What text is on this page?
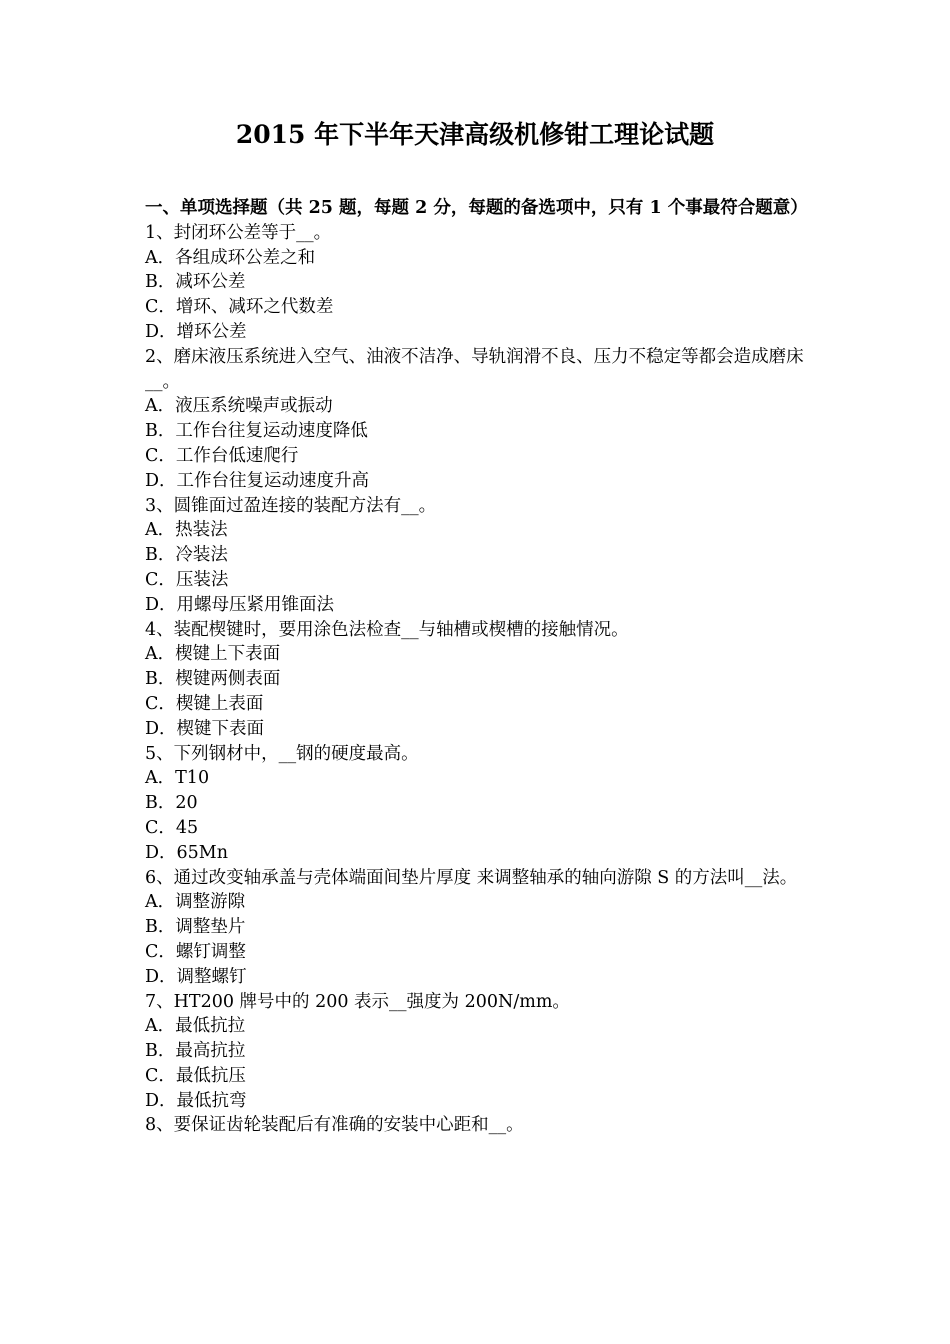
2015 年下半年天津高级机修钳工理论试题

一、单项选择题（共 25 题，每题 2 分，每题的备选项中，只有 1 个事最符合题意）

1、封闭环公差等于__。

A．各组成环公差之和

B．减环公差

C．增环、减环之代数差

D．增环公差

2、磨床液压系统进入空气、油液不洁净、导轨润滑不良、压力不稳定等都会造成磨床__。

A．液压系统噪声或振动

B．工作台往复运动速度降低

C．工作台低速爬行

D．工作台往复运动速度升高

3、圆锥面过盈连接的装配方法有__。

A．热装法

B．冷装法

C．压装法

D．用螺母压紧用锥面法

4、装配楔键时，要用涂色法检查__与轴槽或楔槽的接触情况。

A．楔键上下表面

B．楔键两侧表面

C．楔键上表面

D．楔键下表面

5、下列钢材中，__钢的硬度最高。

A．T10

B．20

C．45

D．65Mn

6、通过改变轴承盖与壳体端面间垫片厚度 来调整轴承的轴向游隙 S 的方法叫__法。

A．调整游隙

B．调整垫片

C．螺钉调整

D．调整螺钉

7、HT200 牌号中的 200 表示__强度为 200N/mm。

A．最低抗拉

B．最高抗拉

C．最低抗压

D．最低抗弯

8、要保证齿轮装配后有准确的安装中心距和__。
